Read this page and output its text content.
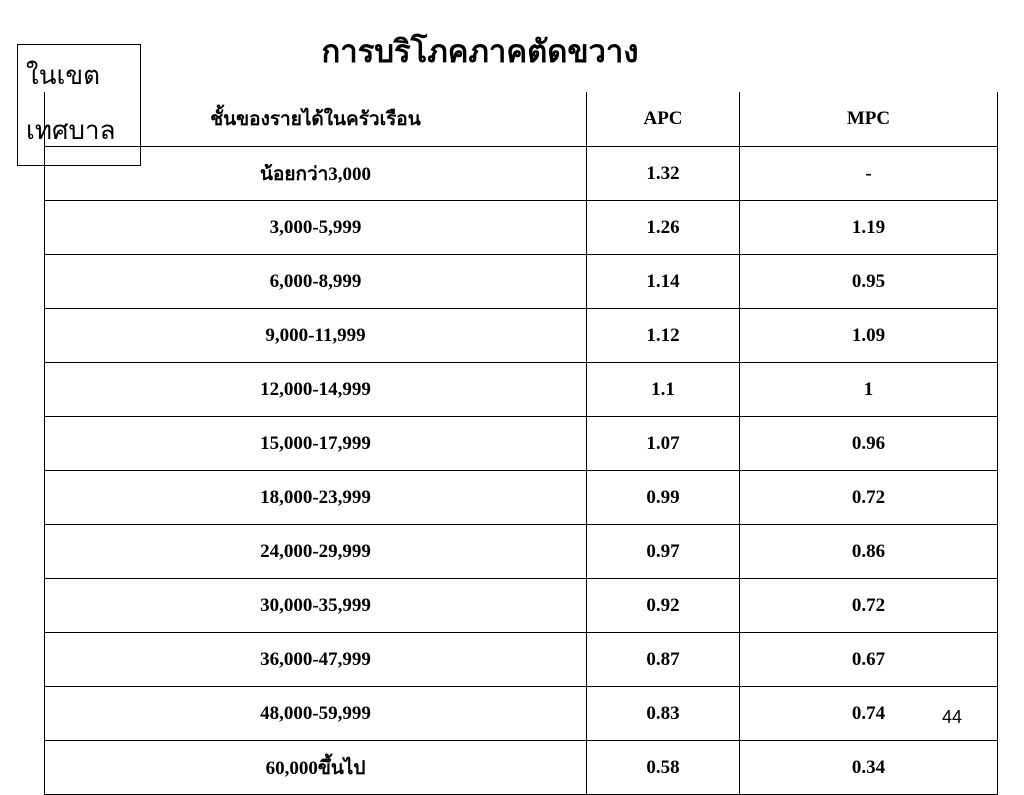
การบริโภคภาคตัดขวาง
ในเขต
เทศบาล	ชั้นของรายได้ในครัวเรือน	APC	MPC
น้อยกว่า3,000	1.32	-
3,000-5,999	1.26	1.19
6,000-8,999	1.14	0.95
9,000-11,999	1.12	1.09
12,000-14,999	1.1	1
15,000-17,999	1.07	0.96
18,000-23,999	0.99	0.72
24,000-29,999	0.97	0.86
30,000-35,999	0.92	0.72
36,000-47,999	0.87	0.67
48,000-59,999	0.83	0.74
60,000ขึ้นไป	0.58	0.34
44
